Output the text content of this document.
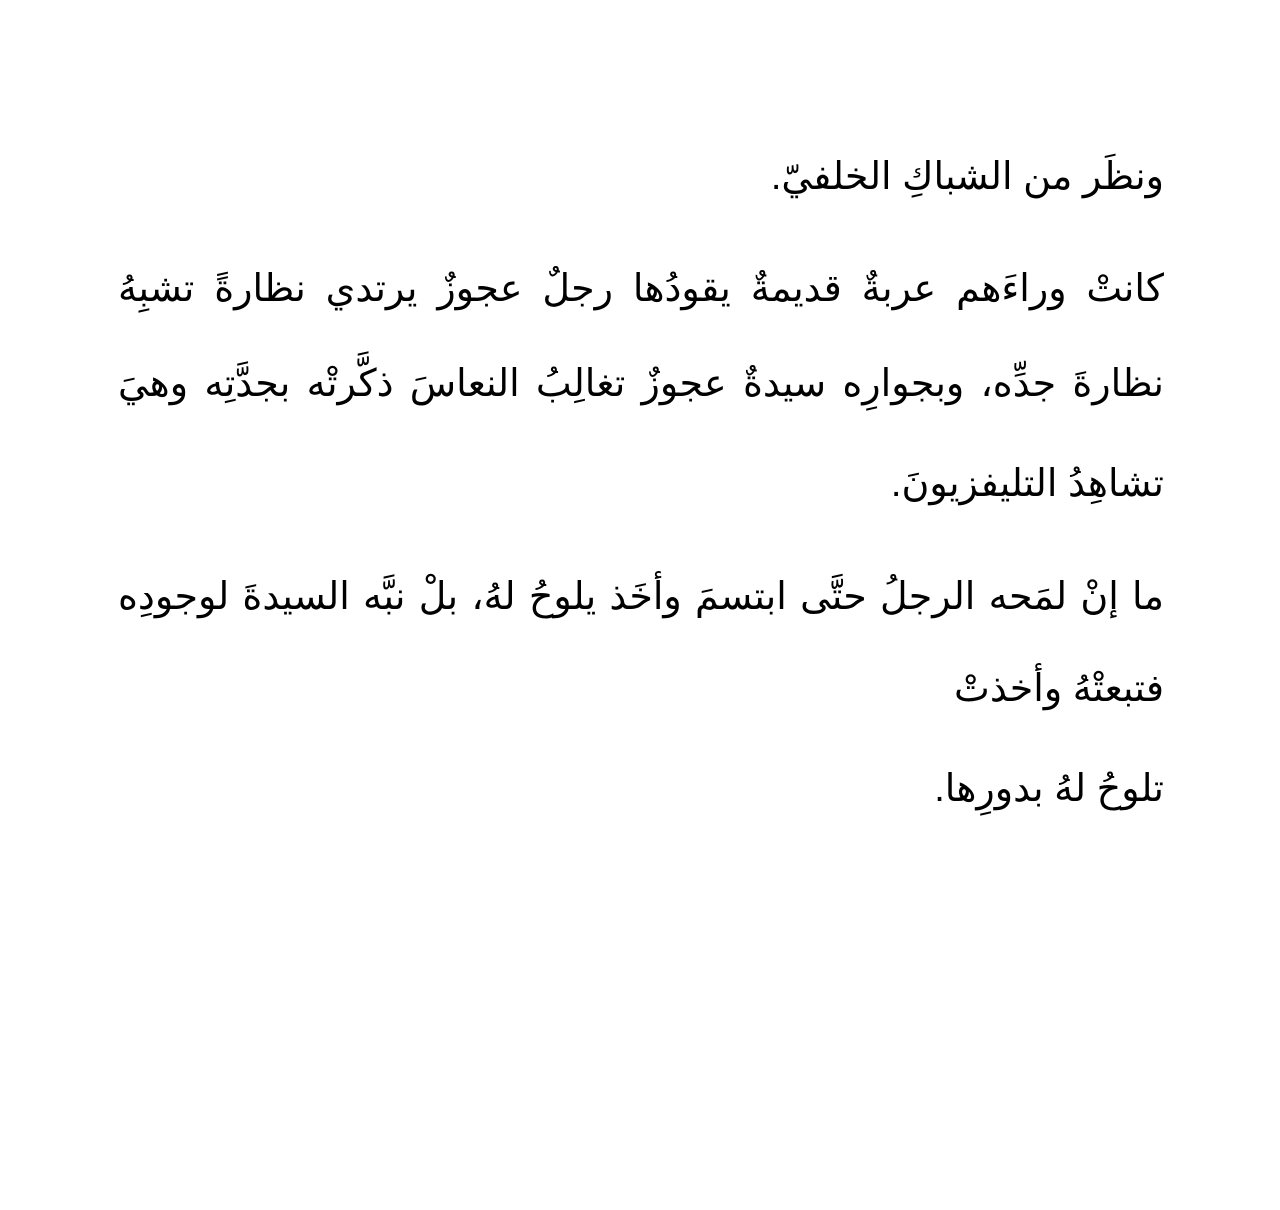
ونظَر من الشباكِ الخلفيّ.
كانتْ وراءَهم عربةٌ قديمةٌ يقودُها رجلٌ عجوزٌ يرتدي نظارةً تشبِهُ
نظارةَ جدِّه، وبجوارِه سيدةٌ عجوزٌ تغالِبُ النعاسَ ذكَّرتْه بجدَّتِه وهيَ
تشاهِدُ التليفزيونَ.
ما إنْ لمَحه الرجلُ حتَّى ابتسمَ وأخَذ يلوحُ لهُ، بلْ نبَّه السيدةَ لوجودِه
فتبعتْهُ وأخذتْ
تلوحُ لهُ بدورِها.
